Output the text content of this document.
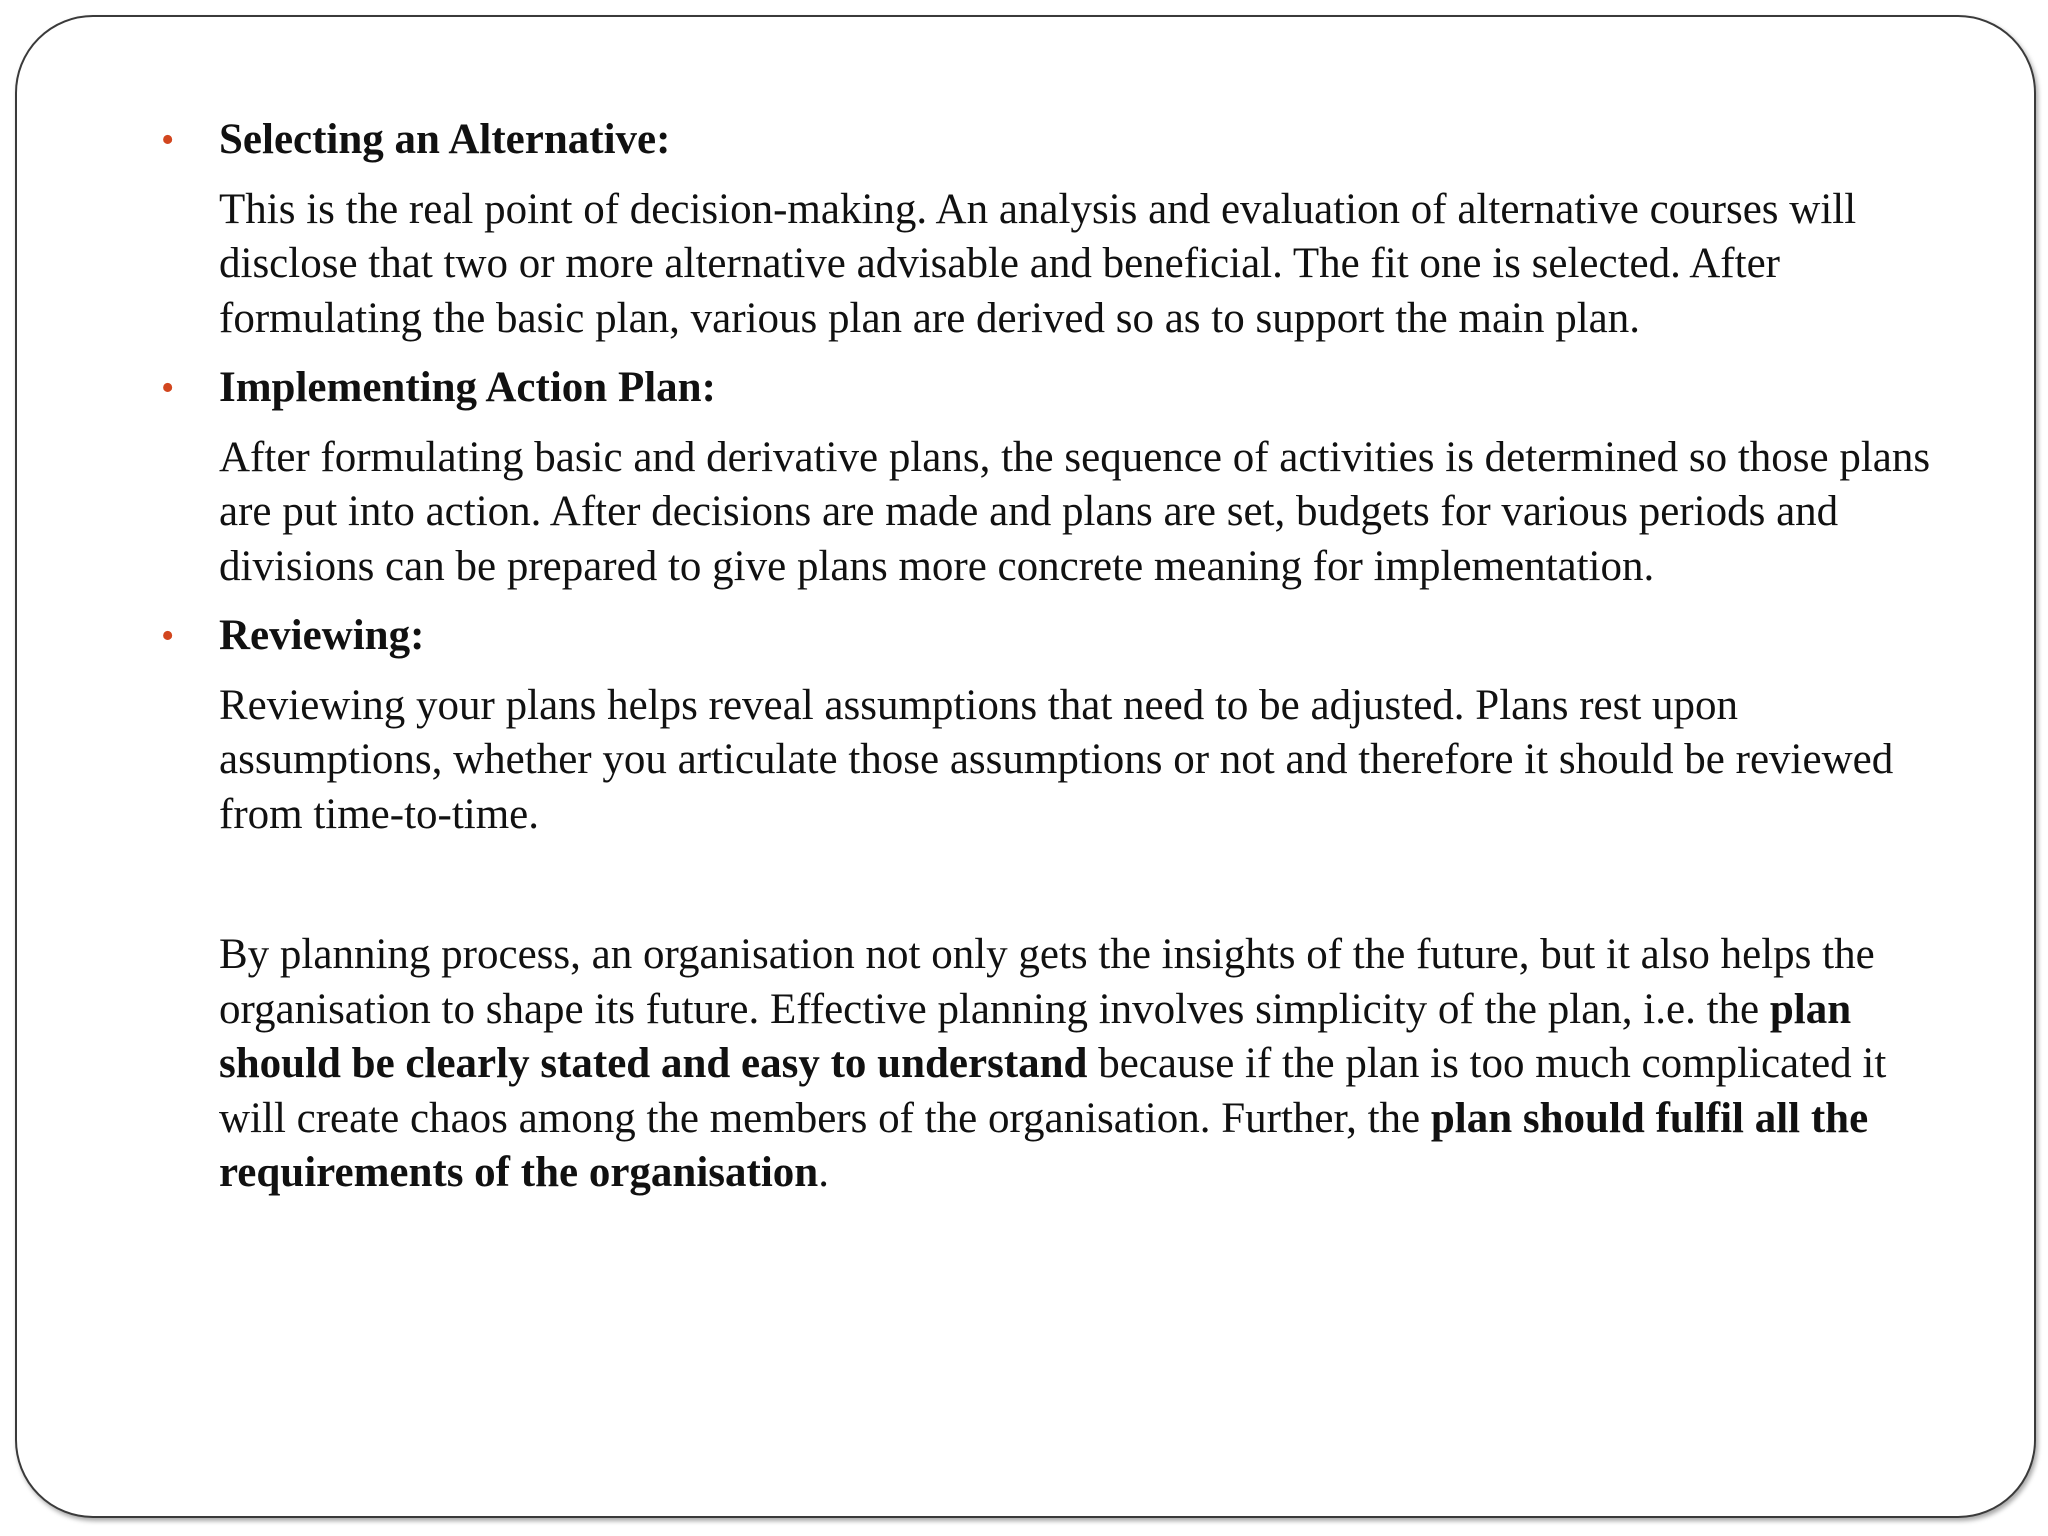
• Selecting an Alternative:

This is the real point of decision-making. An analysis and evaluation of alternative courses will disclose that two or more alternative advisable and beneficial. The fit one is selected. After formulating the basic plan, various plan are derived so as to support the main plan.

• Implementing Action Plan:

After formulating basic and derivative plans, the sequence of activities is determined so those plans are put into action. After decisions are made and plans are set, budgets for various periods and divisions can be prepared to give plans more concrete meaning for implementation.

• Reviewing:

Reviewing your plans helps reveal assumptions that need to be adjusted. Plans rest upon assumptions, whether you articulate those assumptions or not and therefore it should be reviewed from time-to-time.

By planning process, an organisation not only gets the insights of the future, but it also helps the organisation to shape its future. Effective planning involves simplicity of the plan, i.e. the plan should be clearly stated and easy to understand because if the plan is too much complicated it will create chaos among the members of the organisation. Further, the plan should fulfil all the requirements of the organisation.
